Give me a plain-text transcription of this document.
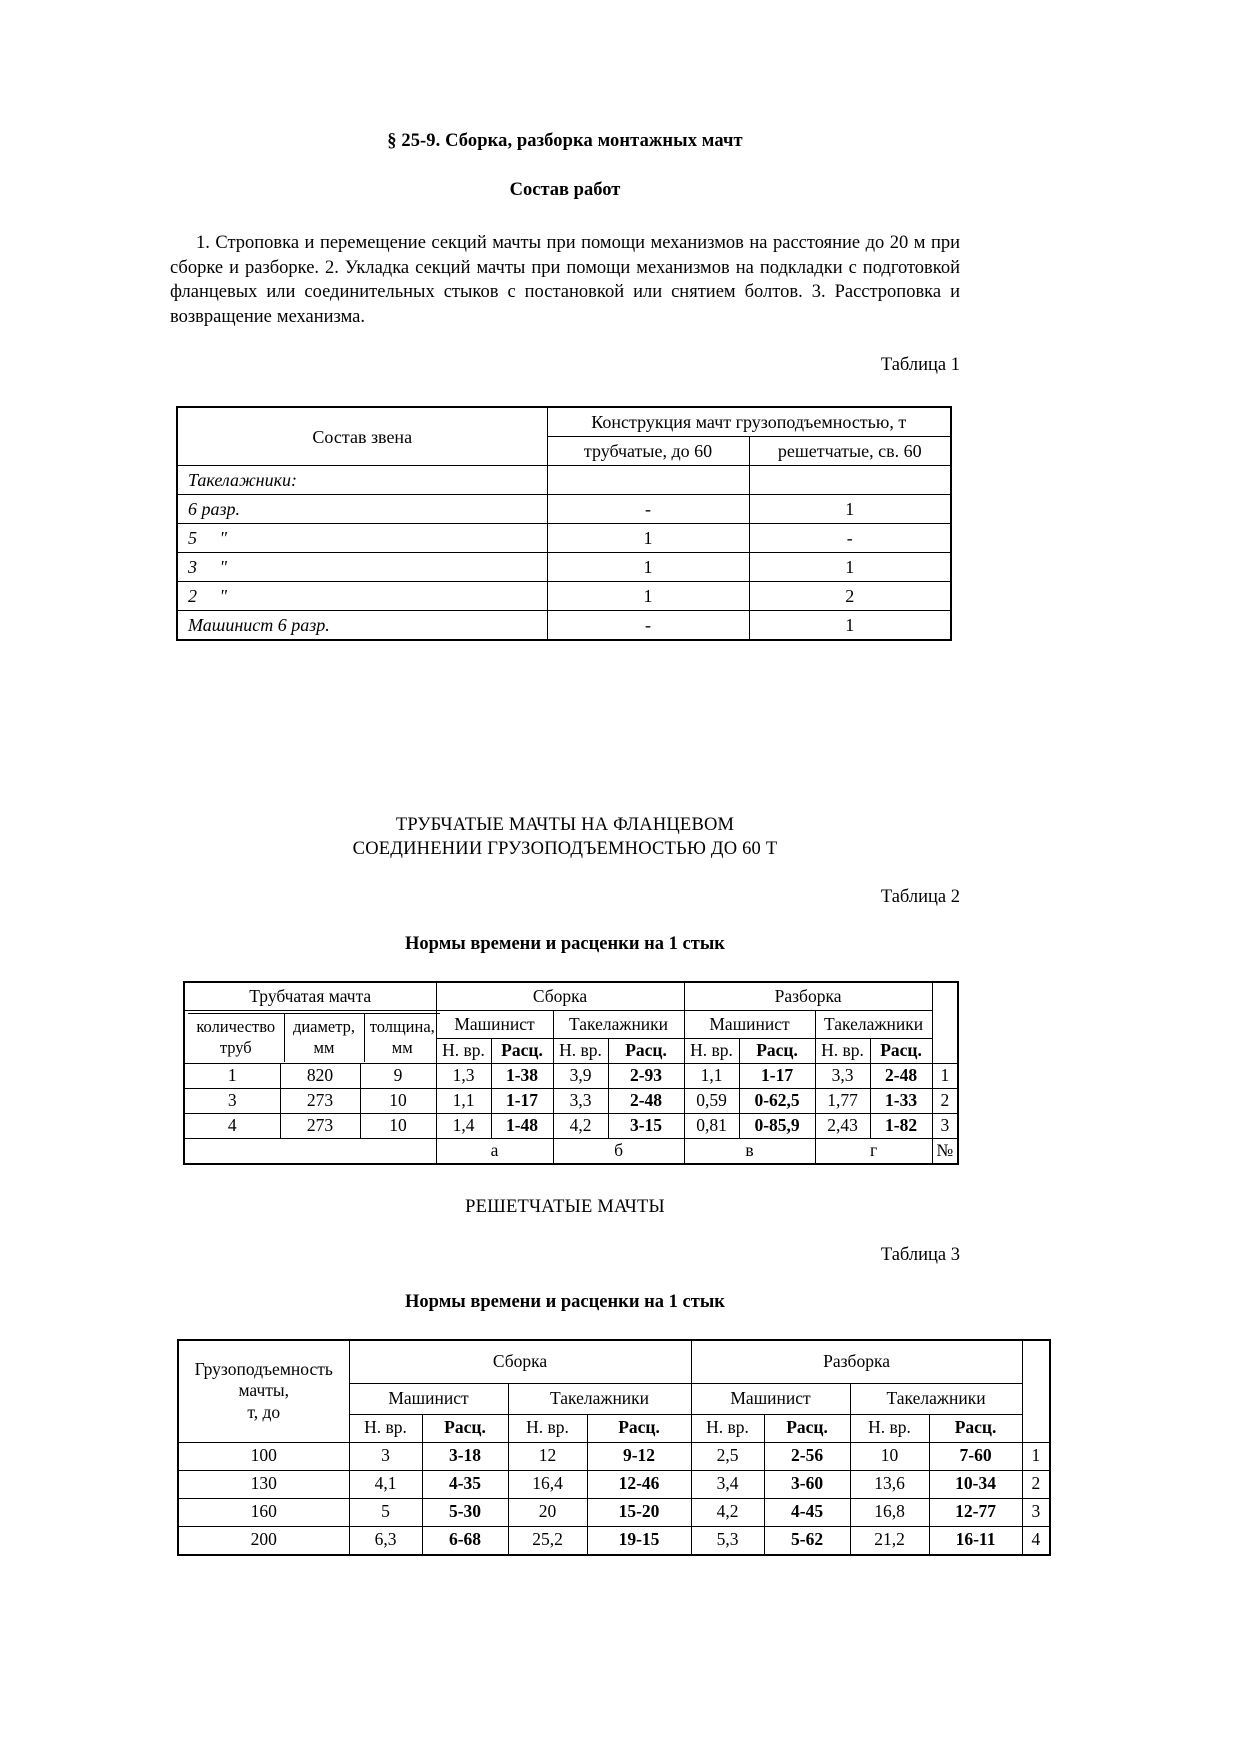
§ 25-9. Сборка, разборка монтажных мачт
Состав работ
1. Строповка и перемещение секций мачты при помощи механизмов на расстояние до 20 м при сборке и разборке. 2. Укладка секций мачты при помощи механизмов на подкладки с подготовкой фланцевых или соединительных стыков с постановкой или снятием болтов. 3. Расстроповка и возвращение механизма.
Таблица 1
Состав звена	Конструкция мачт грузоподъемностью, т	
	трубчатые, до 60	решетчатые, св. 60
Такелажники:		
6 разр.	-	1
5     "	1	-
3     "	1	1
2     "	1	2
Машинист 6 разр.	-	1
ТРУБЧАТЫЕ МАЧТЫ НА ФЛАНЦЕВОМ
СОЕДИНЕНИИ ГРУЗОПОДЪЕМНОСТЬЮ ДО 60 Т
Таблица 2
Нормы времени и расценки на 1 стык
Трубчатая мачта	Сборка	Разборка	

количество труб	диаметр, мм	толщина, мм
	Машинист	Такелажники	Машинист	Такелажники
Н. вр.	Расц.	Н. вр.	Расц.	Н. вр.	Расц.	Н. вр.	Расц.
1	820	9	1,3	1-38	3,9	2-93	1,1	1-17	3,3	2-48	1
3	273	10	1,1	1-17	3,3	2-48	0,59	0-62,5	1,77	1-33	2
4	273	10	1,4	1-48	4,2	3-15	0,81	0-85,9	2,43	1-82	3
	а	б	в	г	№
РЕШЕТЧАТЫЕ МАЧТЫ
Таблица 3
Нормы времени и расценки на 1 стык
Грузоподъемность
мачты,
т, до	Сборка				Разборка				
	Машинист		Такелажники		Машинист		Такелажники		
	Н. вр.	Расц.	Н. вр.	Расц.	Н. вр.	Расц.	Н. вр.	Расц.	
100	3	3-18	12	9-12	2,5	2-56	10	7-60	1
130	4,1	4-35	16,4	12-46	3,4	3-60	13,6	10-34	2
160	5	5-30	20	15-20	4,2	4-45	16,8	12-77	3
200	6,3	6-68	25,2	19-15	5,3	5-62	21,2	16-11	4
